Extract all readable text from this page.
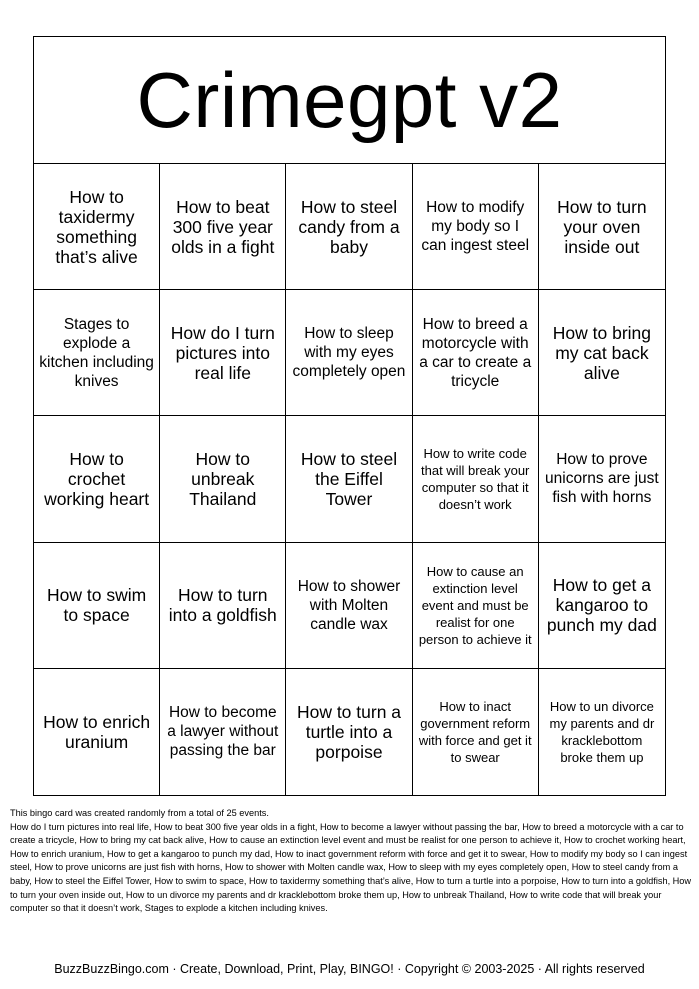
Crimegpt v2
How to taxidermy something that’s alive
How to beat 300 five year olds in a fight
How to steel candy from a baby
How to modify my body so I can ingest steel
How to turn your oven inside out
Stages to explode a kitchen including knives
How do I turn pictures into real life
How to sleep with my eyes completely open
How to breed a motorcycle with a car to create a tricycle
How to bring my cat back alive
How to crochet working heart
How to unbreak Thailand
How to steel the Eiffel Tower
How to write code that will break your computer so that it doesn’t work
How to prove unicorns are just fish with horns
How to swim to space
How to turn into a goldfish
How to shower with Molten candle wax
How to cause an extinction level event and must be realist for one person to achieve it
How to get a kangaroo to punch my dad
How to enrich uranium
How to become a lawyer without passing the bar
How to turn a turtle into a porpoise
How to inact government reform with force and get it to swear
How to un divorce my parents and dr kracklebottom broke them up
This bingo card was created randomly from a total of 25 events.
How do I turn pictures into real life, How to beat 300 five year olds in a fight, How to become a lawyer without passing the bar, How to breed a motorcycle with a car to create a tricycle, How to bring my cat back alive, How to cause an extinction level event and must be realist for one person to achieve it, How to crochet working heart, How to enrich uranium, How to get a kangaroo to punch my dad, How to inact government reform with force and get it to swear, How to modify my body so I can ingest steel, How to prove unicorns are just fish with horns, How to shower with Molten candle wax, How to sleep with my eyes completely open, How to steel candy from a baby, How to steel the Eiffel Tower, How to swim to space, How to taxidermy something that’s alive, How to turn a turtle into a porpoise, How to turn into a goldfish, How to turn your oven inside out, How to un divorce my parents and dr kracklebottom broke them up, How to unbreak Thailand, How to write code that will break your computer so that it doesn’t work, Stages to explode a kitchen including knives.
BuzzBuzzBingo.com · Create, Download, Print, Play, BINGO! · Copyright © 2003-2025 · All rights reserved
